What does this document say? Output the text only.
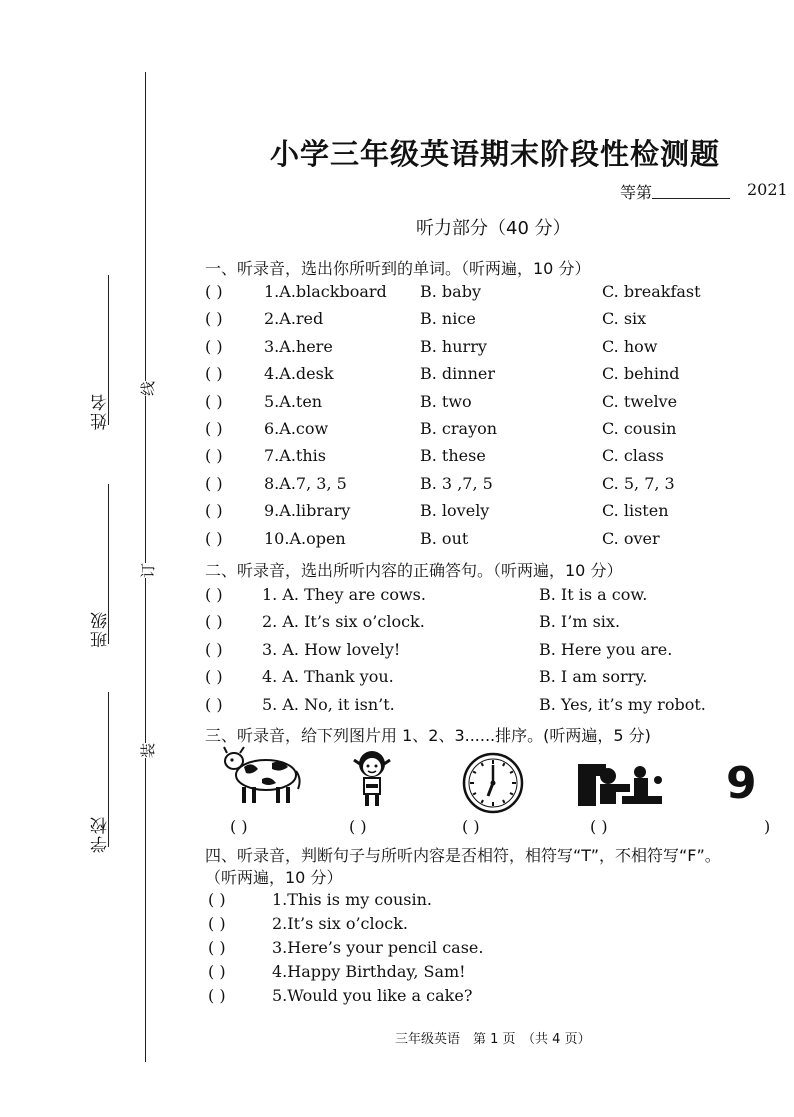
线
订
装
姓名
班级
学校
小学三年级英语期末阶段性检测题
等第	2021
听力部分（40 分）
一、听录音，选出你所听到的单词。（听两遍，10 分）
( )	1.A.blackboard B. baby	C. breakfast
( )	2.A.red	B. nice	C. six
( )	3.A.here	B. hurry	C. how
( )	4.A.desk	B. dinner	C. behind
( )	5.A.ten	B. two	C. twelve
( )	6.A.cow	B. crayon	C. cousin
( )	7.A.this	B. these	C. class
( )	8.A.7, 3, 5	B. 3 ,7, 5	C. 5, 7, 3
( )	9.A.library	B. lovely	C. listen
( )	10.A.open	B. out	C. over
二、听录音，选出所听内容的正确答句。（听两遍，10 分）
( ) 1. A. They are cows.	B. It is a cow.
( ) 2. A. It’s six o’clock.	B. I’m six.
( ) 3. A. How lovely!	B. Here you are.
( ) 4. A. Thank you.	B. I am sorry.
( ) 5. A. No, it isn’t.	B. Yes, it’s my robot.
三、听录音，给下列图片用 1、2、3......排序。(听两遍，5 分)
9
( )	( )	( )	( )	)
四、听录音，判断句子与所听内容是否相符，相符写“T”，不相符写“F”。
（听两遍，10 分）
( )	1.This is my cousin.
( )	2.It’s six o’clock.
( )	3.Here’s your pencil case.
( )	4.Happy Birthday, Sam!
( )	5.Would you like a cake?
三年级英语　第 1 页　（共 4 页）
